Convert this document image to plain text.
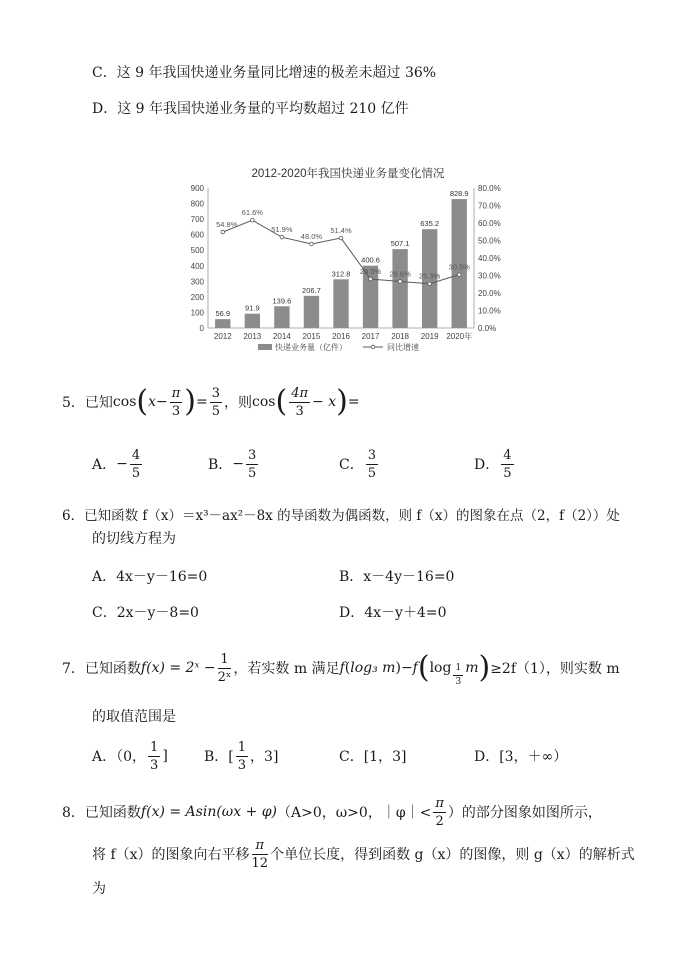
C．这 9 年我国快递业务量同比增速的极差未超过 36%
D．这 9 年我国快递业务量的平均数超过 210 亿件
2012-2020年我国快递业务量变化情况
900
800
700
600
500
400
300
200
100
0
80.0%
70.0%
60.0%
50.0%
40.0%
30.0%
20.0%
10.0%
0.0%
56.9
91.9
139.6
206.7
312.8
400.6
507.1
635.2
828.9
2012 2013 2014 2015 2016 2017 2018 2019 2020年
54.8%
61.6%
51.9%
48.0%
51.4%
28.0% 26.6% 25.3%
30.5%
快递业务量（亿件）	同比增速
5．已知 cos ( $x - \frac{\pi}{3}$ ) = $\frac{3}{5}$ ，则 cos ( $\frac{4\pi}{3} - x$ ) =
A． − $\frac{4}{5}$	B． − $\frac{3}{5}$	C． $\frac{3}{5}$	D． $\frac{4}{5}$
6．已知函数 f（x）＝x³－ax²－8x 的导函数为偶函数，则 f（x）的图象在点（2，f（2））处
的切线方程为
A．4x－y－16=0	B．x－4y－16=0
C．2x－y－8=0	D．4x－y＋4=0
7．已知函数 f(x) = 2ˣ − $\frac{1}{\text{2ˣ}}$ ，若实数 m 满足 f ( log₃ m ) − f ( $\log \frac{1}{3}$ m ) ≥2f（1），则实数 m
的取值范围是
A．（0， $\frac{1}{3}$ ]	B．[ $\frac{1}{3}$ ，3]	C．[1，3]	D．[3，＋∞）
8．已知函数 f(x) = Asin(ωx + φ) （A>0，ω>0，｜φ｜< $\frac{\pi}{2}$ ）的部分图象如图所示，
将 f（x）的图象向右平移 $\frac{\pi}{12}$ 个单位长度，得到函数 g（x）的图像，则 g（x）的解析式
为
